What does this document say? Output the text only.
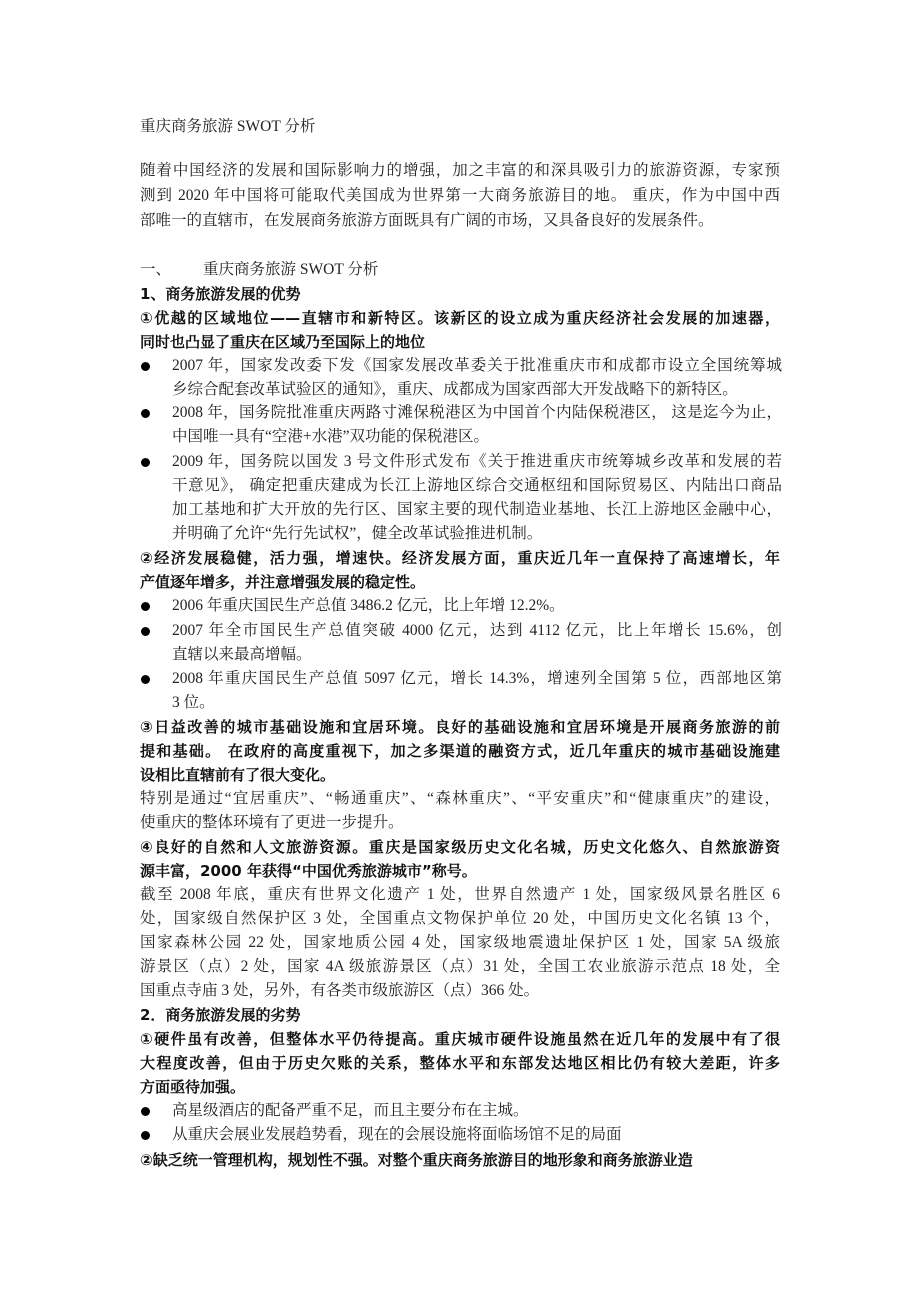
重庆商务旅游 SWOT 分析
随着中国经济的发展和国际影响力的增强，加之丰富的和深具吸引力的旅游资源，专家预
测到 2020 年中国将可能取代美国成为世界第一大商务旅游目的地。 重庆，作为中国中西
部唯一的直辖市，在发展商务旅游方面既具有广阔的市场，又具备良好的发展条件。
一、 重庆商务旅游 SWOT 分析
1、商务旅游发展的优势
①优越的区域地位——直辖市和新特区。该新区的设立成为重庆经济社会发展的加速器，
同时也凸显了重庆在区域乃至国际上的地位
2007 年，国家发改委下发《国家发展改革委关于批准重庆市和成都市设立全国统筹城
乡综合配套改革试验区的通知》，重庆、成都成为国家西部大开发战略下的新特区。
2008 年，国务院批准重庆两路寸滩保税港区为中国首个内陆保税港区， 这是迄今为止，
中国唯一具有“空港+水港”双功能的保税港区。
2009 年，国务院以国发 3 号文件形式发布《关于推进重庆市统筹城乡改革和发展的若
干意见》， 确定把重庆建成为长江上游地区综合交通枢纽和国际贸易区、内陆出口商品
加工基地和扩大开放的先行区、国家主要的现代制造业基地、长江上游地区金融中心，
并明确了允许“先行先试权”，健全改革试验推进机制。
②经济发展稳健，活力强，增速快。经济发展方面，重庆近几年一直保持了高速增长，年
产值逐年增多，并注意增强发展的稳定性。
2006 年重庆国民生产总值 3486.2 亿元，比上年增 12.2%。
2007 年全市国民生产总值突破 4000 亿元，达到 4112 亿元，比上年增长 15.6%，创
直辖以来最高增幅。
2008 年重庆国民生产总值 5097 亿元，增长 14.3%，增速列全国第 5 位，西部地区第
3 位。
③日益改善的城市基础设施和宜居环境。良好的基础设施和宜居环境是开展商务旅游的前
提和基础。 在政府的高度重视下，加之多渠道的融资方式，近几年重庆的城市基础设施建
设相比直辖前有了很大变化。
特别是通过“宜居重庆”、“畅通重庆”、“森林重庆”、“平安重庆”和“健康重庆”的建设，
使重庆的整体环境有了更进一步提升。
④良好的自然和人文旅游资源。重庆是国家级历史文化名城，历史文化悠久、自然旅游资
源丰富，2000 年获得“中国优秀旅游城市”称号。
截至 2008 年底，重庆有世界文化遗产 1 处，世界自然遗产 1 处，国家级风景名胜区 6
处，国家级自然保护区 3 处，全国重点文物保护单位 20 处，中国历史文化名镇 13 个，
国家森林公园 22 处，国家地质公园 4 处，国家级地震遗址保护区 1 处，国家 5A 级旅
游景区（点）2 处，国家 4A 级旅游景区（点）31 处，全国工农业旅游示范点 18 处，全
国重点寺庙 3 处，另外，有各类市级旅游区（点）366 处。
2．商务旅游发展的劣势
①硬件虽有改善，但整体水平仍待提高。重庆城市硬件设施虽然在近几年的发展中有了很
大程度改善，但由于历史欠账的关系，整体水平和东部发达地区相比仍有较大差距，许多
方面亟待加强。
高星级酒店的配备严重不足，而且主要分布在主城。
从重庆会展业发展趋势看，现在的会展设施将面临场馆不足的局面
②缺乏统一管理机构，规划性不强。对整个重庆商务旅游目的地形象和商务旅游业造
